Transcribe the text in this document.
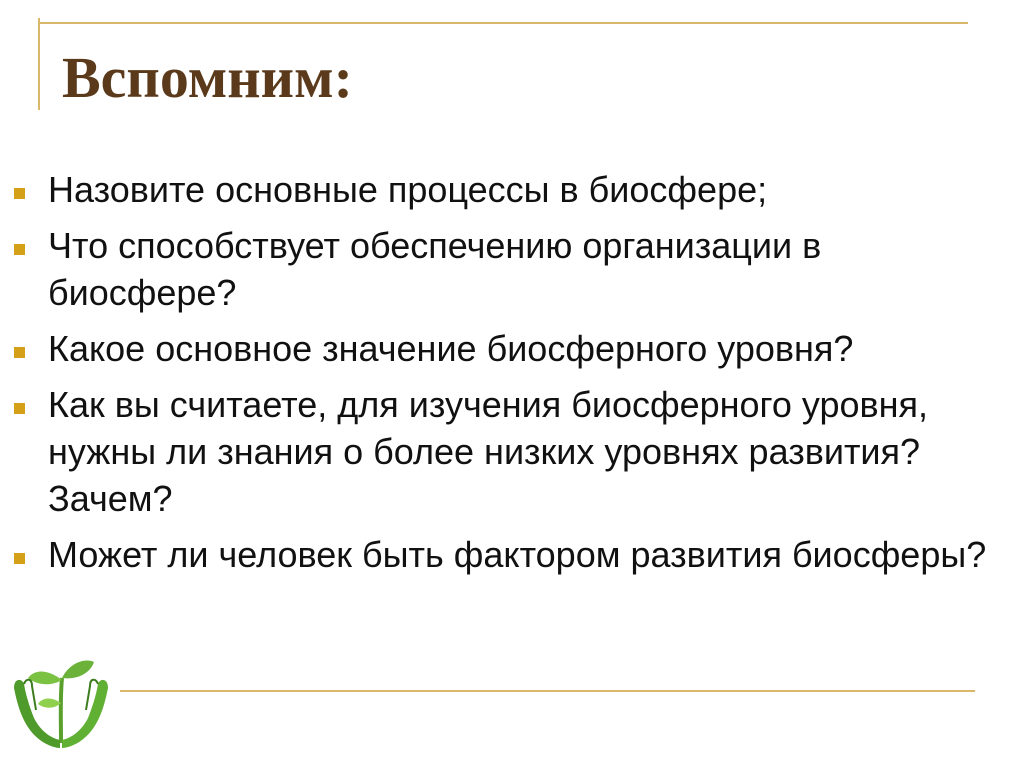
Вспомним:
Назовите основные процессы в биосфере;
Что способствует обеспечению организации в биосфере?
Какое основное значение биосферного уровня?
Как вы считаете, для изучения биосферного уровня, нужны ли знания о более низких уровнях развития? Зачем?
Может ли человек быть фактором развития биосферы?
